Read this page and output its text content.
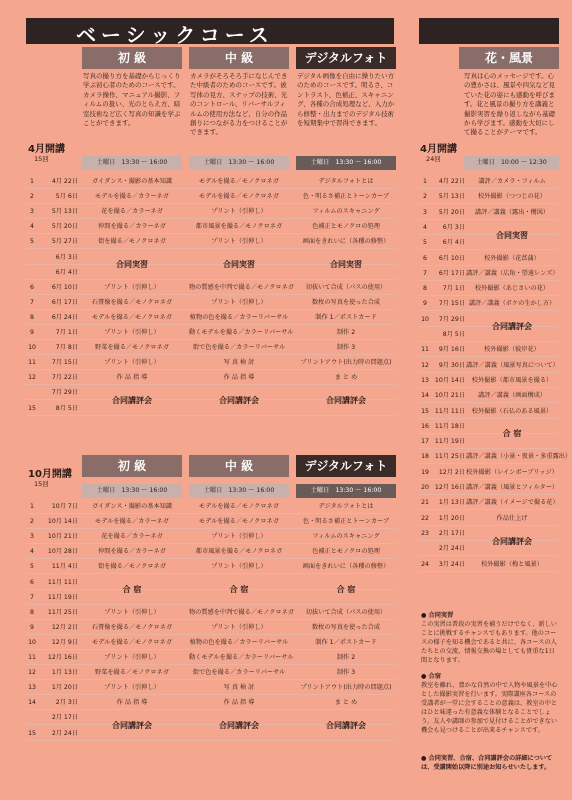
ベーシックコース
初 級
写真の撮り方を基礎からじっくり学ぶ初心者のためのコースです。カメラ操作、マニュアル撮影、フィルムの扱い、光のとらえ方、暗室技術など広く写真の知識を学ぶことができます。
土曜日　13:30 ～ 16:00
中 級
カメラがそろそろ手になじんできた中級者のためのコースです。被写体の見方、スナップの技術、光のコントロール、リバーサルフィルムの使用方法など、自分の作品創りにつながる力をつけることができます。
土曜日　13:30 ～ 16:00
デジタルフォト
デジタル画像を自由に操りたい方のためのコースです。明るさ、コントラスト、色補正、スキャニング、各種の合成処理など、入力から修整・出力までのデジタル技術を短期集中で習得できます。
土曜日　13:30 ～ 16:00
4月開講
15回
1	4月 22日	ガイダンス・撮影の基本知識	モデルを撮る／モノクロネガ	デジタルフォトとは
2	5月 6日	モデルを撮る／カラーネガ	モデルを撮る／モノクロネガ	色・明るさ補正とトーンカーブ
3	5月 13日	花を撮る／カラーネガ	プリント（引伸し）	フィルムのスキャニング
4	5月 20日	仲間を撮る／カラーネガ	都市風景を撮る／モノクロネガ	色補正とモノクロの処理
5	5月 27日	街を撮る／モノクロネガ	プリント（引伸し）	画面をきれいに（各種の修整）
6月 3日
6月 4日
合同実習	合同実習	合同実習
6	6月 10日	プリント（引伸し）	物の質感を中判で撮る／モノクロネガ	切抜いて合成（パスの使用）
7	6月 17日	石膏像を撮る／モノクロネガ	プリント（引伸し）	数枚の写真を使った合成
8	6月 24日	モデルを撮る／モノクロネガ	植物の色を撮る／カラーリバーサル	制作 1／ポストカード
9	7月 1日	プリント（引伸し）	動くモデルを撮る／カラーリバーサル	制作 2
10	7月 8日	野菜を撮る／モノクロネガ	街で色を撮る／カラーリバーサル	制作 3
11	7月 15日	プリント（引伸し）	写 真 検 討	プリントアウト(出力時の問題点)
12	7月 22日	作 品 指 導	作 品 指 導	ま と め
7月 29日
15	8月 5日
合同講評会	合同講評会	合同講評会
初 級
土曜日　13:30 ～ 16:00
中 級
土曜日　13:30 ～ 16:00
デジタルフォト
土曜日　13:30 ～ 16:00
10月開講
15回
1	10月 7日	ガイダンス・撮影の基本知識	モデルを撮る／モノクロネガ	デジタルフォトとは
2	10月 14日	モデルを撮る／カラーネガ	モデルを撮る／モノクロネガ	色・明るさ補正とトーンカーブ
3	10月 21日	花を撮る／カラーネガ	プリント（引伸し）	フィルムのスキャニング
4	10月 28日	仲間を撮る／カラーネガ	都市風景を撮る／モノクロネガ	色補正とモノクロの処理
5	11月 4日	街を撮る／モノクロネガ	プリント（引伸し）	画面をきれいに（各種の修整）
6	11月 11日
7	11月 19日
合 宿	合 宿	合 宿
8	11月 25日	プリント（引伸し）	物の質感を中判で撮る／モノクロネガ	切抜いて合成（パスの使用）
9	12月 2日	石膏像を撮る／モノクロネガ	プリント（引伸し）	数枚の写真を使った合成
10	12月 9日	モデルを撮る／モノクロネガ	植物の色を撮る／カラーリバーサル	制作 1／ポストカード
11	12月 16日	プリント（引伸し）	動くモデルを撮る／カラーリバーサル	制作 2
12	1月 13日	野菜を撮る／モノクロネガ	街で色を撮る／カラーリバーサル	制作 3
13	1月 20日	プリント（引伸し）	写 真 検 討	プリントアウト(出力時の問題点)
14	2月 3日	作 品 指 導	作 品 指 導	ま と め
2月 17日
15	2月 24日
合同講評会	合同講評会	合同講評会
花・風景
写真は心のメッセージです。心の豊かさは、風景や四気など見ていた花の姿にも感動を呼びます。花と風景の撮り方を講義と撮影実習を繰り返しながら基礎から学びます。感動を大切にして撮ることがテーマです。
4月開講
24回	土曜日　10:00 ～ 12:30
1	4月 22日	講評／カメラ・フィルム
2	5月 13日	校外撮影（つつじの花）
3	5月 20日	講評／講義（露出・構図）
4	6月 3日
5	6月 4日
合同実習
6	6月 10日	校外撮影（花菖蒲）
7	6月 17日 講評／講義（広角・望遠レンズ）
8	7月 1日	校外撮影（あじさいの花）
9	7月 15日 講評／講義（ボケの生かし方）
10	7月 29日
8月 5日
合同講評会
11	9月 16日	校外撮影（彼岸花）
12	9月 30日 講評／講義（風景写真について）
13 10月 14日	校外撮影（都市風景を撮る）
14 10月 21日	講評／講義（画面構成）
15 11月 11日	校外撮影（石仏のある風景）
16 11月 18日
17 11月 19日
合 宿
18 11月 25日 講評／講義（小景・夜景・多重露出）
19	12月 2日 校外撮影（レインボーブリッジ）
20 12月 16日 講評／講義（風景とフィルター）
21	1月 13日 講評／講義（イメージで撮る花）
22	1月 20日	作品仕上げ
23	2月 17日
2月 24日
合同講評会
24	3月 24日	校外撮影（梅と風景）
● 合同実習
この実習は普段の実習を補うだけでなく、新しいことに挑戦するチャンスでもあります。他のコースの様子を知る機会であると共に、各コースの人たちとの交流、情報交換の場としても貴重な1日間となります。
● 合宿
教室を離れ、豊かな自然の中で人物や風景を中心とした撮影実習を行います。実際講座各コースの受講者が一堂に会することの意義は、教室の中とはひと味違った有意義な体験となることでしょう。友人や講師の参加で見付けることができない機会も見つけることが出来るチャンスです。
● 合同実習、合宿、合同講評会の詳細については、受講開始以降に別途お知らせいたします。
